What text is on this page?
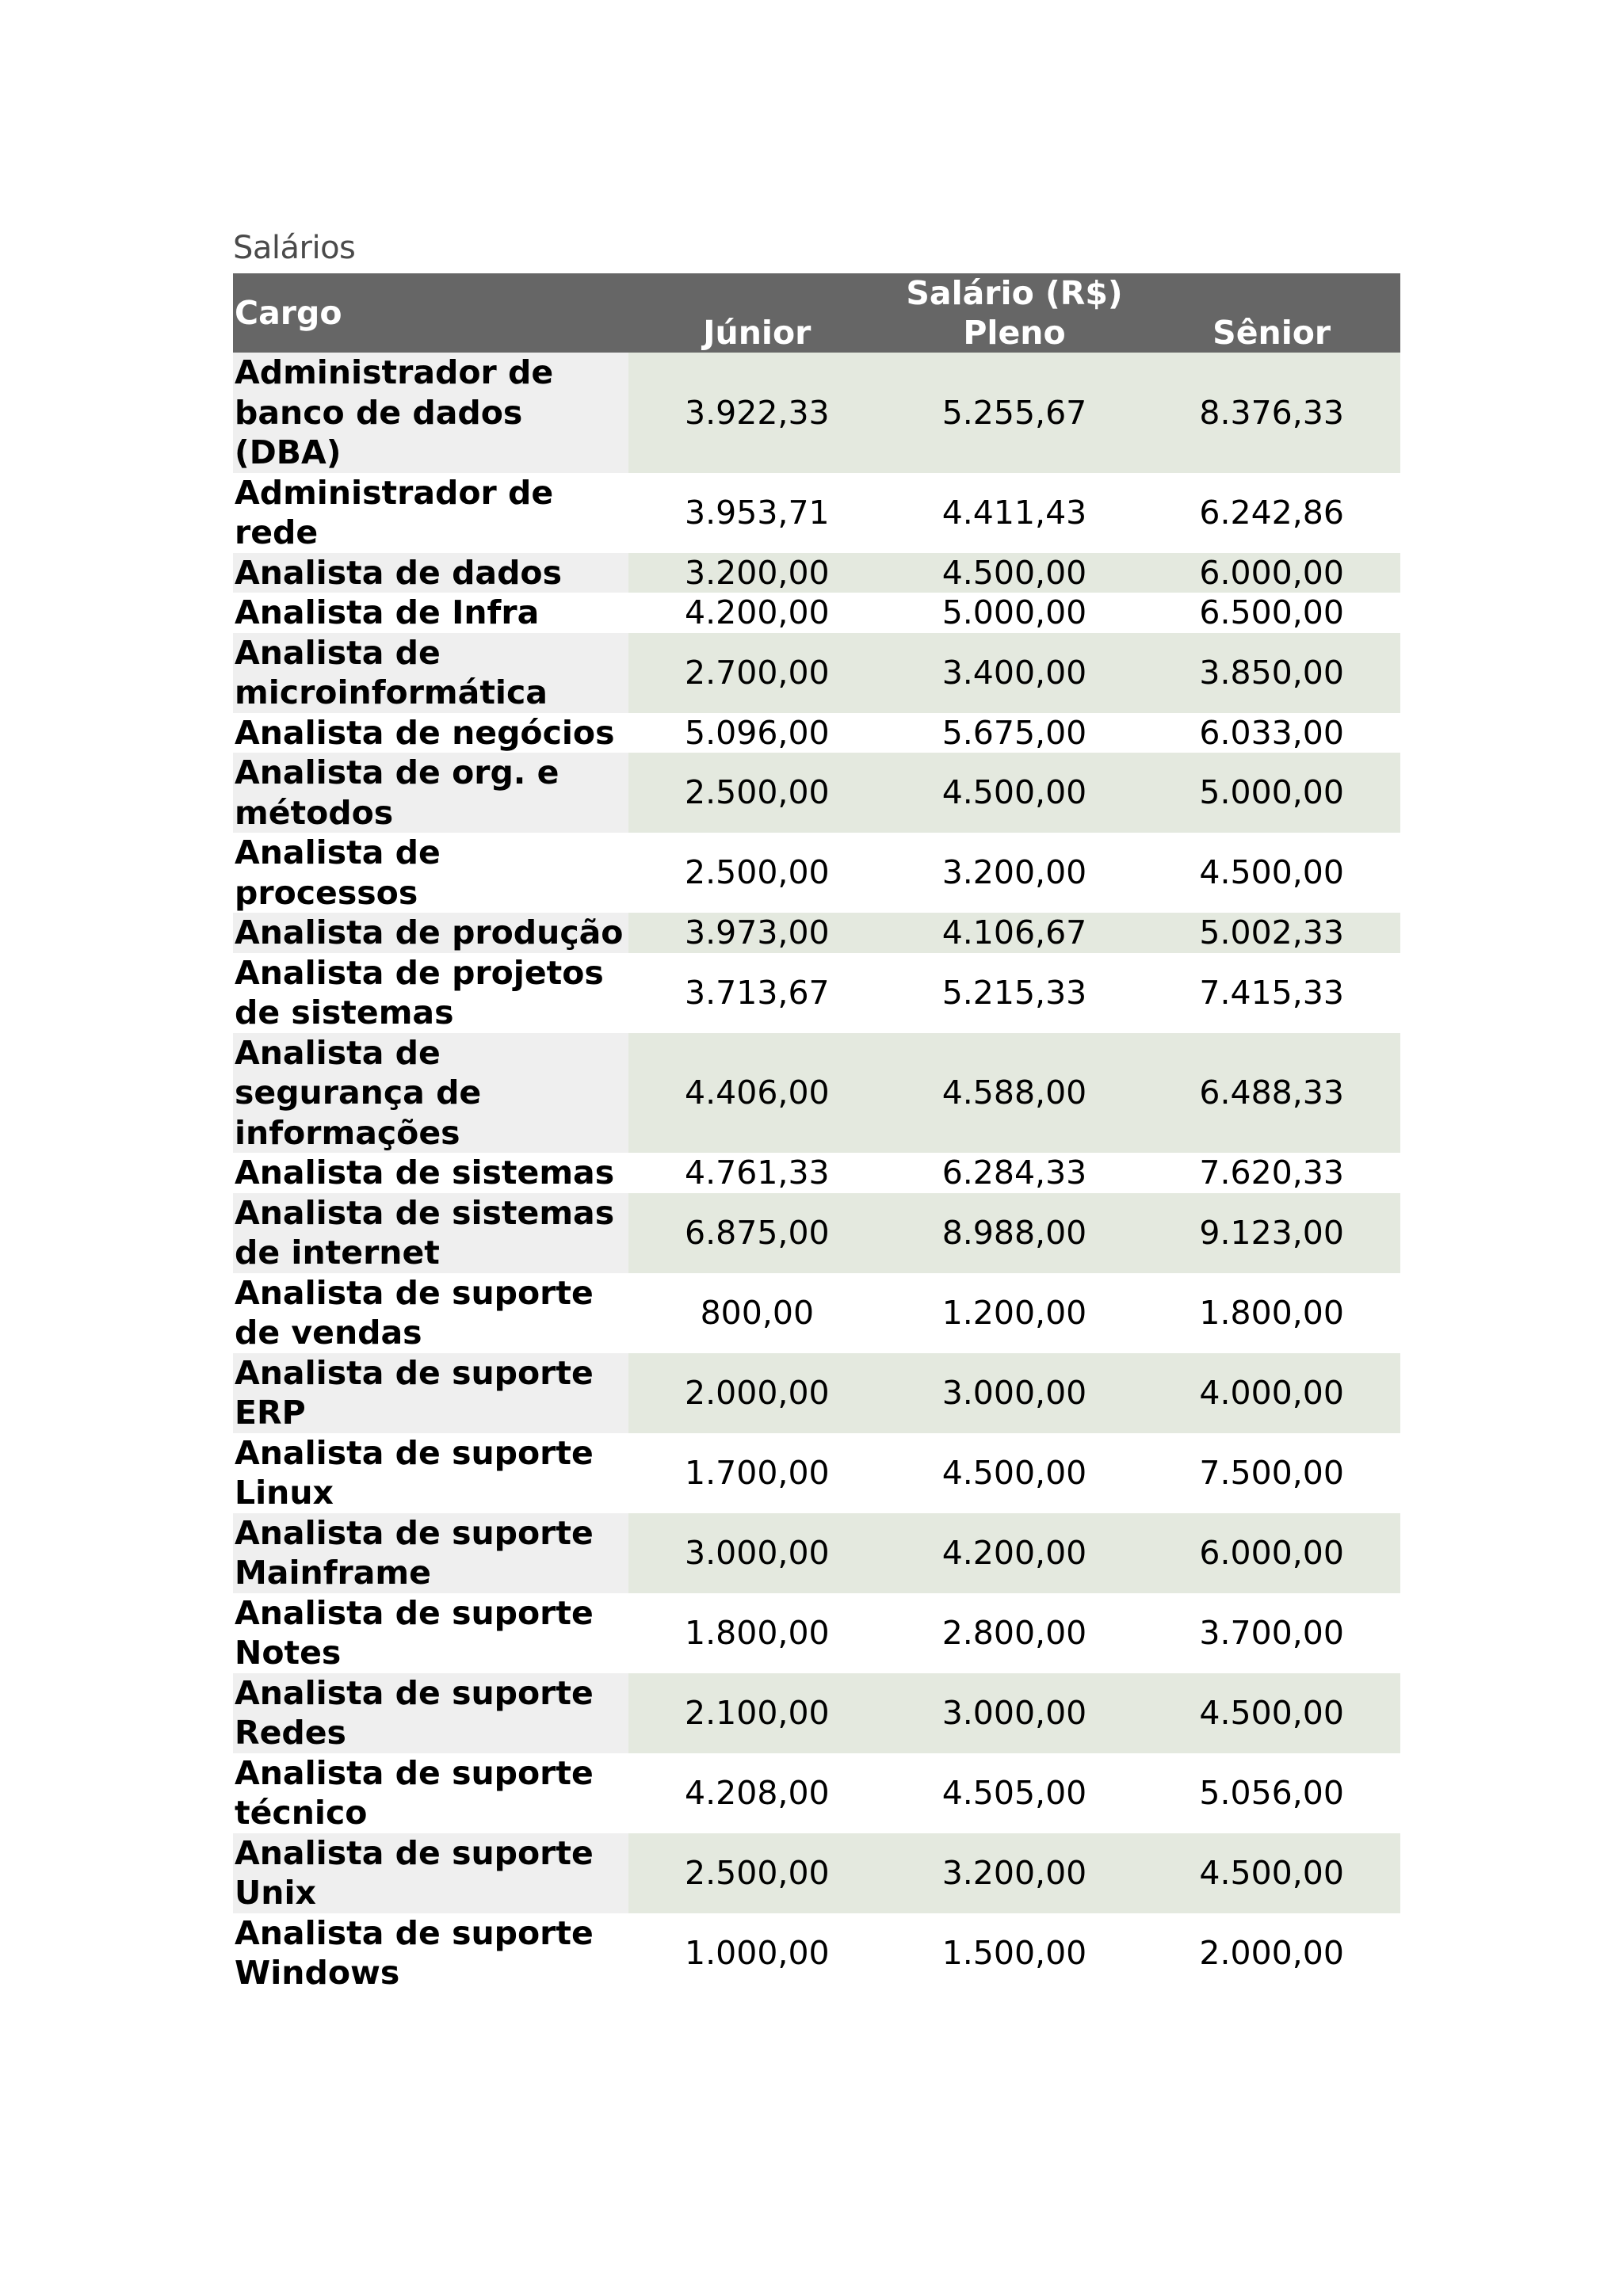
Salários
Cargo	Salário (R$)		
	Júnior	Pleno	Sênior
Administrador de banco de dados (DBA)	3.922,33	5.255,67	8.376,33
Administrador de rede	3.953,71	4.411,43	6.242,86
Analista de dados	3.200,00	4.500,00	6.000,00
Analista de Infra	4.200,00	5.000,00	6.500,00
Analista de microinformática	2.700,00	3.400,00	3.850,00
Analista de negócios	5.096,00	5.675,00	6.033,00
Analista de org. e métodos	2.500,00	4.500,00	5.000,00
Analista de processos	2.500,00	3.200,00	4.500,00
Analista de produção	3.973,00	4.106,67	5.002,33
Analista de projetos de sistemas	3.713,67	5.215,33	7.415,33
Analista de segurança de informações	4.406,00	4.588,00	6.488,33
Analista de sistemas	4.761,33	6.284,33	7.620,33
Analista de sistemas de internet	6.875,00	8.988,00	9.123,00
Analista de suporte de vendas	800,00	1.200,00	1.800,00
Analista de suporte ERP	2.000,00	3.000,00	4.000,00
Analista de suporte Linux	1.700,00	4.500,00	7.500,00
Analista de suporte Mainframe	3.000,00	4.200,00	6.000,00
Analista de suporte Notes	1.800,00	2.800,00	3.700,00
Analista de suporte Redes	2.100,00	3.000,00	4.500,00
Analista de suporte técnico	4.208,00	4.505,00	5.056,00
Analista de suporte Unix	2.500,00	3.200,00	4.500,00
Analista de suporte Windows	1.000,00	1.500,00	2.000,00
